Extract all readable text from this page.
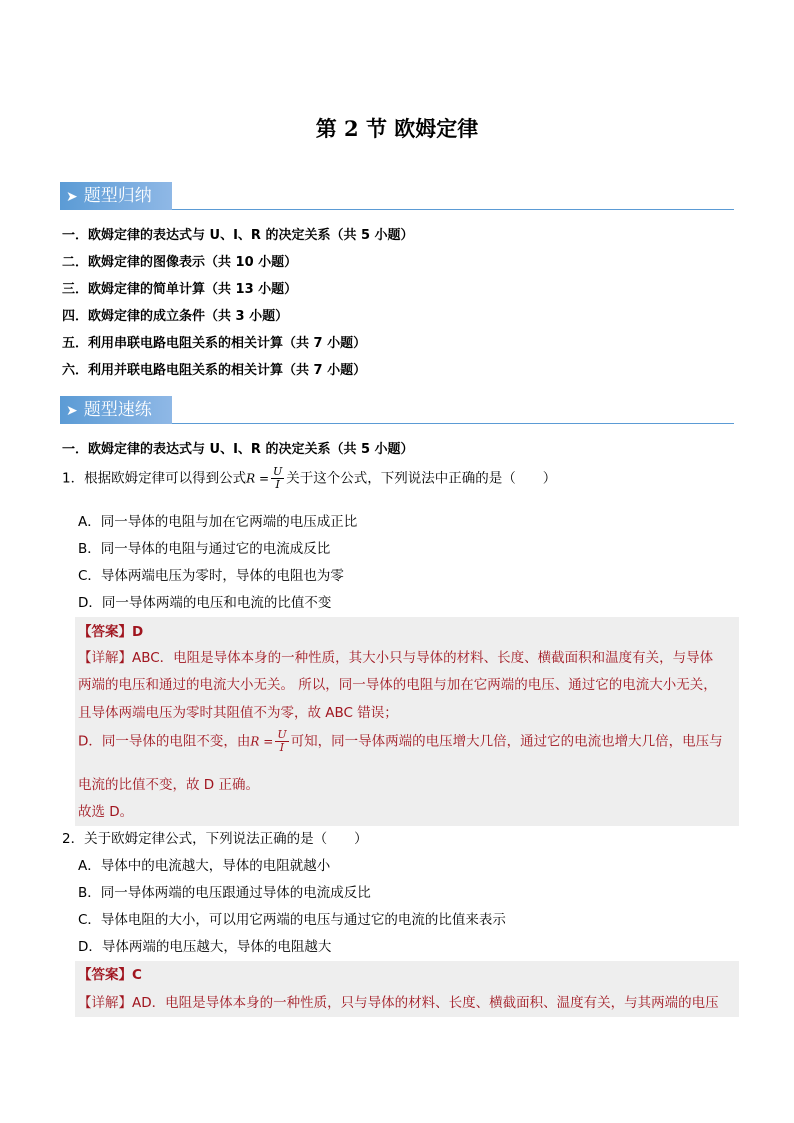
第 2 节 欧姆定律
➤ 题型归纳
一．欧姆定律的表达式与 U、I、R 的决定关系（共 5 小题）
二．欧姆定律的图像表示（共 10 小题）
三．欧姆定律的简单计算（共 13 小题）
四．欧姆定律的成立条件（共 3 小题）
五．利用串联电路电阻关系的相关计算（共 7 小题）
六．利用并联电路电阻关系的相关计算（共 7 小题）
➤ 题型速练
一．欧姆定律的表达式与 U、I、R 的决定关系（共 5 小题）
1．根据欧姆定律可以得到公式$R = \frac{U}{I}$ 关于这个公式，下列说法中正确的是（　　）
A．同一导体的电阻与加在它两端的电压成正比
B．同一导体的电阻与通过它的电流成反比
C．导体两端电压为零时，导体的电阻也为零
D．同一导体两端的电压和电流的比值不变
【答案】D
【详解】ABC．电阻是导体本身的一种性质，其大小只与导体的材料、长度、横截面积和温度有关，与导体
两端的电压和通过的电流大小无关。 所以，同一导体的电阻与加在它两端的电压、通过它的电流大小无关，
且导体两端电压为零时其阻值不为零，故 ABC 错误；
D．同一导体的电阻不变，由$R = \frac{U}{I}$ 可知，同一导体两端的电压增大几倍，通过它的电流也增大几倍，电压与
电流的比值不变，故 D 正确。
故选 D。
2．关于欧姆定律公式，下列说法正确的是（　　）
A．导体中的电流越大，导体的电阻就越小
B．同一导体两端的电压跟通过导体的电流成反比
C．导体电阻的大小，可以用它两端的电压与通过它的电流的比值来表示
D．导体两端的电压越大，导体的电阻越大
【答案】C
【详解】AD．电阻是导体本身的一种性质，只与导体的材料、长度、横截面积、温度有关，与其两端的电压
